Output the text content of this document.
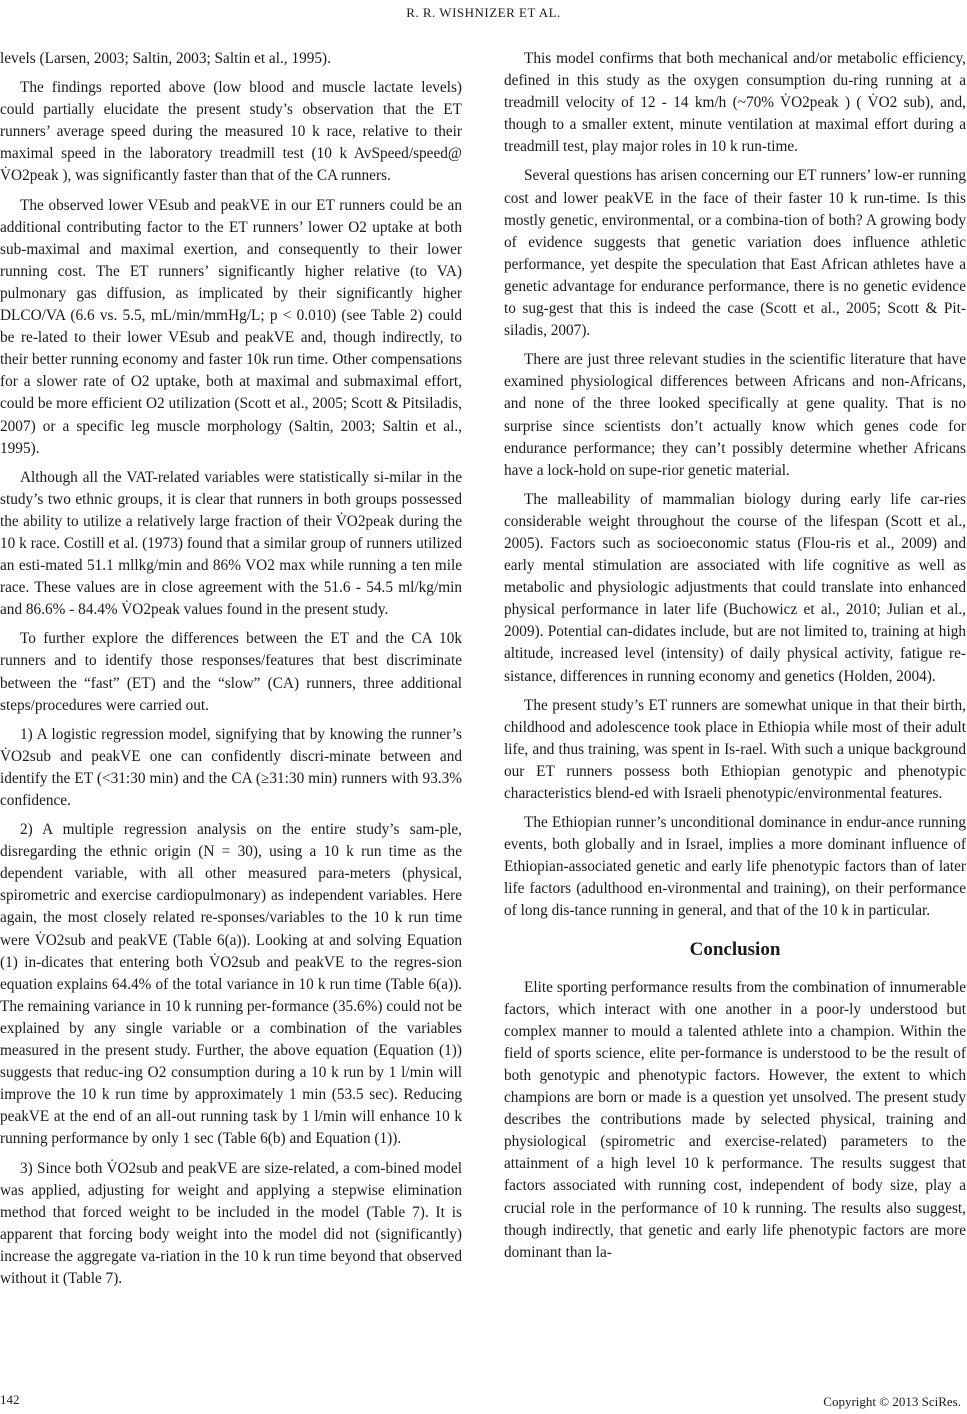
R. R. WISHNIZER ET AL.

levels (Larsen, 2003; Saltin, 2003; Saltin et al., 1995).

The findings reported above (low blood and muscle lactate levels) could partially elucidate the present study’s observation that the ET runners’ average speed during the measured 10 k race, relative to their maximal speed in the laboratory treadmill test (10 k AvSpeed/speed@ V̇O2peak ), was significantly faster than that of the CA runners.

The observed lower VEsub and peakVE in our ET runners could be an additional contributing factor to the ET runners’ lower O2 uptake at both sub-maximal and maximal exertion, and consequently to their lower running cost. The ET runners’ significantly higher relative (to VA) pulmonary gas diffusion, as implicated by their significantly higher DLCO/VA (6.6 vs. 5.5, mL/min/mmHg/L; p < 0.010) (see Table 2) could be re-lated to their lower VEsub and peakVE and, though indirectly, to their better running economy and faster 10k run time. Other compensations for a slower rate of O2 uptake, both at maximal and submaximal effort, could be more efficient O2 utilization (Scott et al., 2005; Scott & Pitsiladis, 2007) or a specific leg muscle morphology (Saltin, 2003; Saltin et al., 1995).

Although all the VAT-related variables were statistically si-milar in the study’s two ethnic groups, it is clear that runners in both groups possessed the ability to utilize a relatively large fraction of their V̇O2peak during the 10 k race. Costill et al. (1973) found that a similar group of runners utilized an esti-mated 51.1 mllkg/min and 86% VO2 max while running a ten mile race. These values are in close agreement with the 51.6 - 54.5 ml/kg/min and 86.6% - 84.4% V̇O2peak values found in the present study.

To further explore the differences between the ET and the CA 10k runners and to identify those responses/features that best discriminate between the “fast” (ET) and the “slow” (CA) runners, three additional steps/procedures were carried out.

1) A logistic regression model, signifying that by knowing the runner’s V̇O2sub and peakVE one can confidently discri-minate between and identify the ET (<31:30 min) and the CA (≥31:30 min) runners with 93.3% confidence.

2) A multiple regression analysis on the entire study’s sam-ple, disregarding the ethnic origin (N = 30), using a 10 k run time as the dependent variable, with all other measured para-meters (physical, spirometric and exercise cardiopulmonary) as independent variables. Here again, the most closely related re-sponses/variables to the 10 k run time were V̇O2sub and peakVE (Table 6(a)). Looking at and solving Equation (1) in-dicates that entering both V̇O2sub and peakVE to the regres-sion equation explains 64.4% of the total variance in 10 k run time (Table 6(a)). The remaining variance in 10 k running per-formance (35.6%) could not be explained by any single variable or a combination of the variables measured in the present study. Further, the above equation (Equation (1)) suggests that reduc-ing O2 consumption during a 10 k run by 1 l/min will improve the 10 k run time by approximately 1 min (53.5 sec). Reducing peakVE at the end of an all-out running task by 1 l/min will enhance 10 k running performance by only 1 sec (Table 6(b) and Equation (1)).

3) Since both V̇O2sub and peakVE are size-related, a com-bined model was applied, adjusting for weight and applying a stepwise elimination method that forced weight to be included in the model (Table 7). It is apparent that forcing body weight into the model did not (significantly) increase the aggregate va-riation in the 10 k run time beyond that observed without it (Table 7).

This model confirms that both mechanical and/or metabolic efficiency, defined in this study as the oxygen consumption du-ring running at a treadmill velocity of 12 - 14 km/h (~70% V̇O2peak ) ( V̇O2 sub), and, though to a smaller extent, minute ventilation at maximal effort during a treadmill test, play major roles in 10 k run-time.

Several questions has arisen concerning our ET runners’ low-er running cost and lower peakVE in the face of their faster 10 k run-time. Is this mostly genetic, environmental, or a combina-tion of both? A growing body of evidence suggests that genetic variation does influence athletic performance, yet despite the speculation that East African athletes have a genetic advantage for endurance performance, there is no genetic evidence to sug-gest that this is indeed the case (Scott et al., 2005; Scott & Pit-siladis, 2007).

There are just three relevant studies in the scientific literature that have examined physiological differences between Africans and non-Africans, and none of the three looked specifically at gene quality. That is no surprise since scientists don’t actually know which genes code for endurance performance; they can’t possibly determine whether Africans have a lock-hold on supe-rior genetic material.

The malleability of mammalian biology during early life car-ries considerable weight throughout the course of the lifespan (Scott et al., 2005). Factors such as socioeconomic status (Flou-ris et al., 2009) and early mental stimulation are associated with life cognitive as well as metabolic and physiologic adjustments that could translate into enhanced physical performance in later life (Buchowicz et al., 2010; Julian et al., 2009). Potential can-didates include, but are not limited to, training at high altitude, increased level (intensity) of daily physical activity, fatigue re-sistance, differences in running economy and genetics (Holden, 2004).

The present study’s ET runners are somewhat unique in that their birth, childhood and adolescence took place in Ethiopia while most of their adult life, and thus training, was spent in Is-rael. With such a unique background our ET runners possess both Ethiopian genotypic and phenotypic characteristics blend-ed with Israeli phenotypic/environmental features.

The Ethiopian runner’s unconditional dominance in endur-ance running events, both globally and in Israel, implies a more dominant influence of Ethiopian-associated genetic and early life phenotypic factors than of later life factors (adulthood en-vironmental and training), on their performance of long dis-tance running in general, and that of the 10 k in particular.

Conclusion

Elite sporting performance results from the combination of innumerable factors, which interact with one another in a poor-ly understood but complex manner to mould a talented athlete into a champion. Within the field of sports science, elite per-formance is understood to be the result of both genotypic and phenotypic factors. However, the extent to which champions are born or made is a question yet unsolved. The present study describes the contributions made by selected physical, training and physiological (spirometric and exercise-related) parameters to the attainment of a high level 10 k performance. The results suggest that factors associated with running cost, independent of body size, play a crucial role in the performance of 10 k running. The results also suggest, though indirectly, that genetic and early life phenotypic factors are more dominant than la-

142	Copyright © 2013 SciRes.
